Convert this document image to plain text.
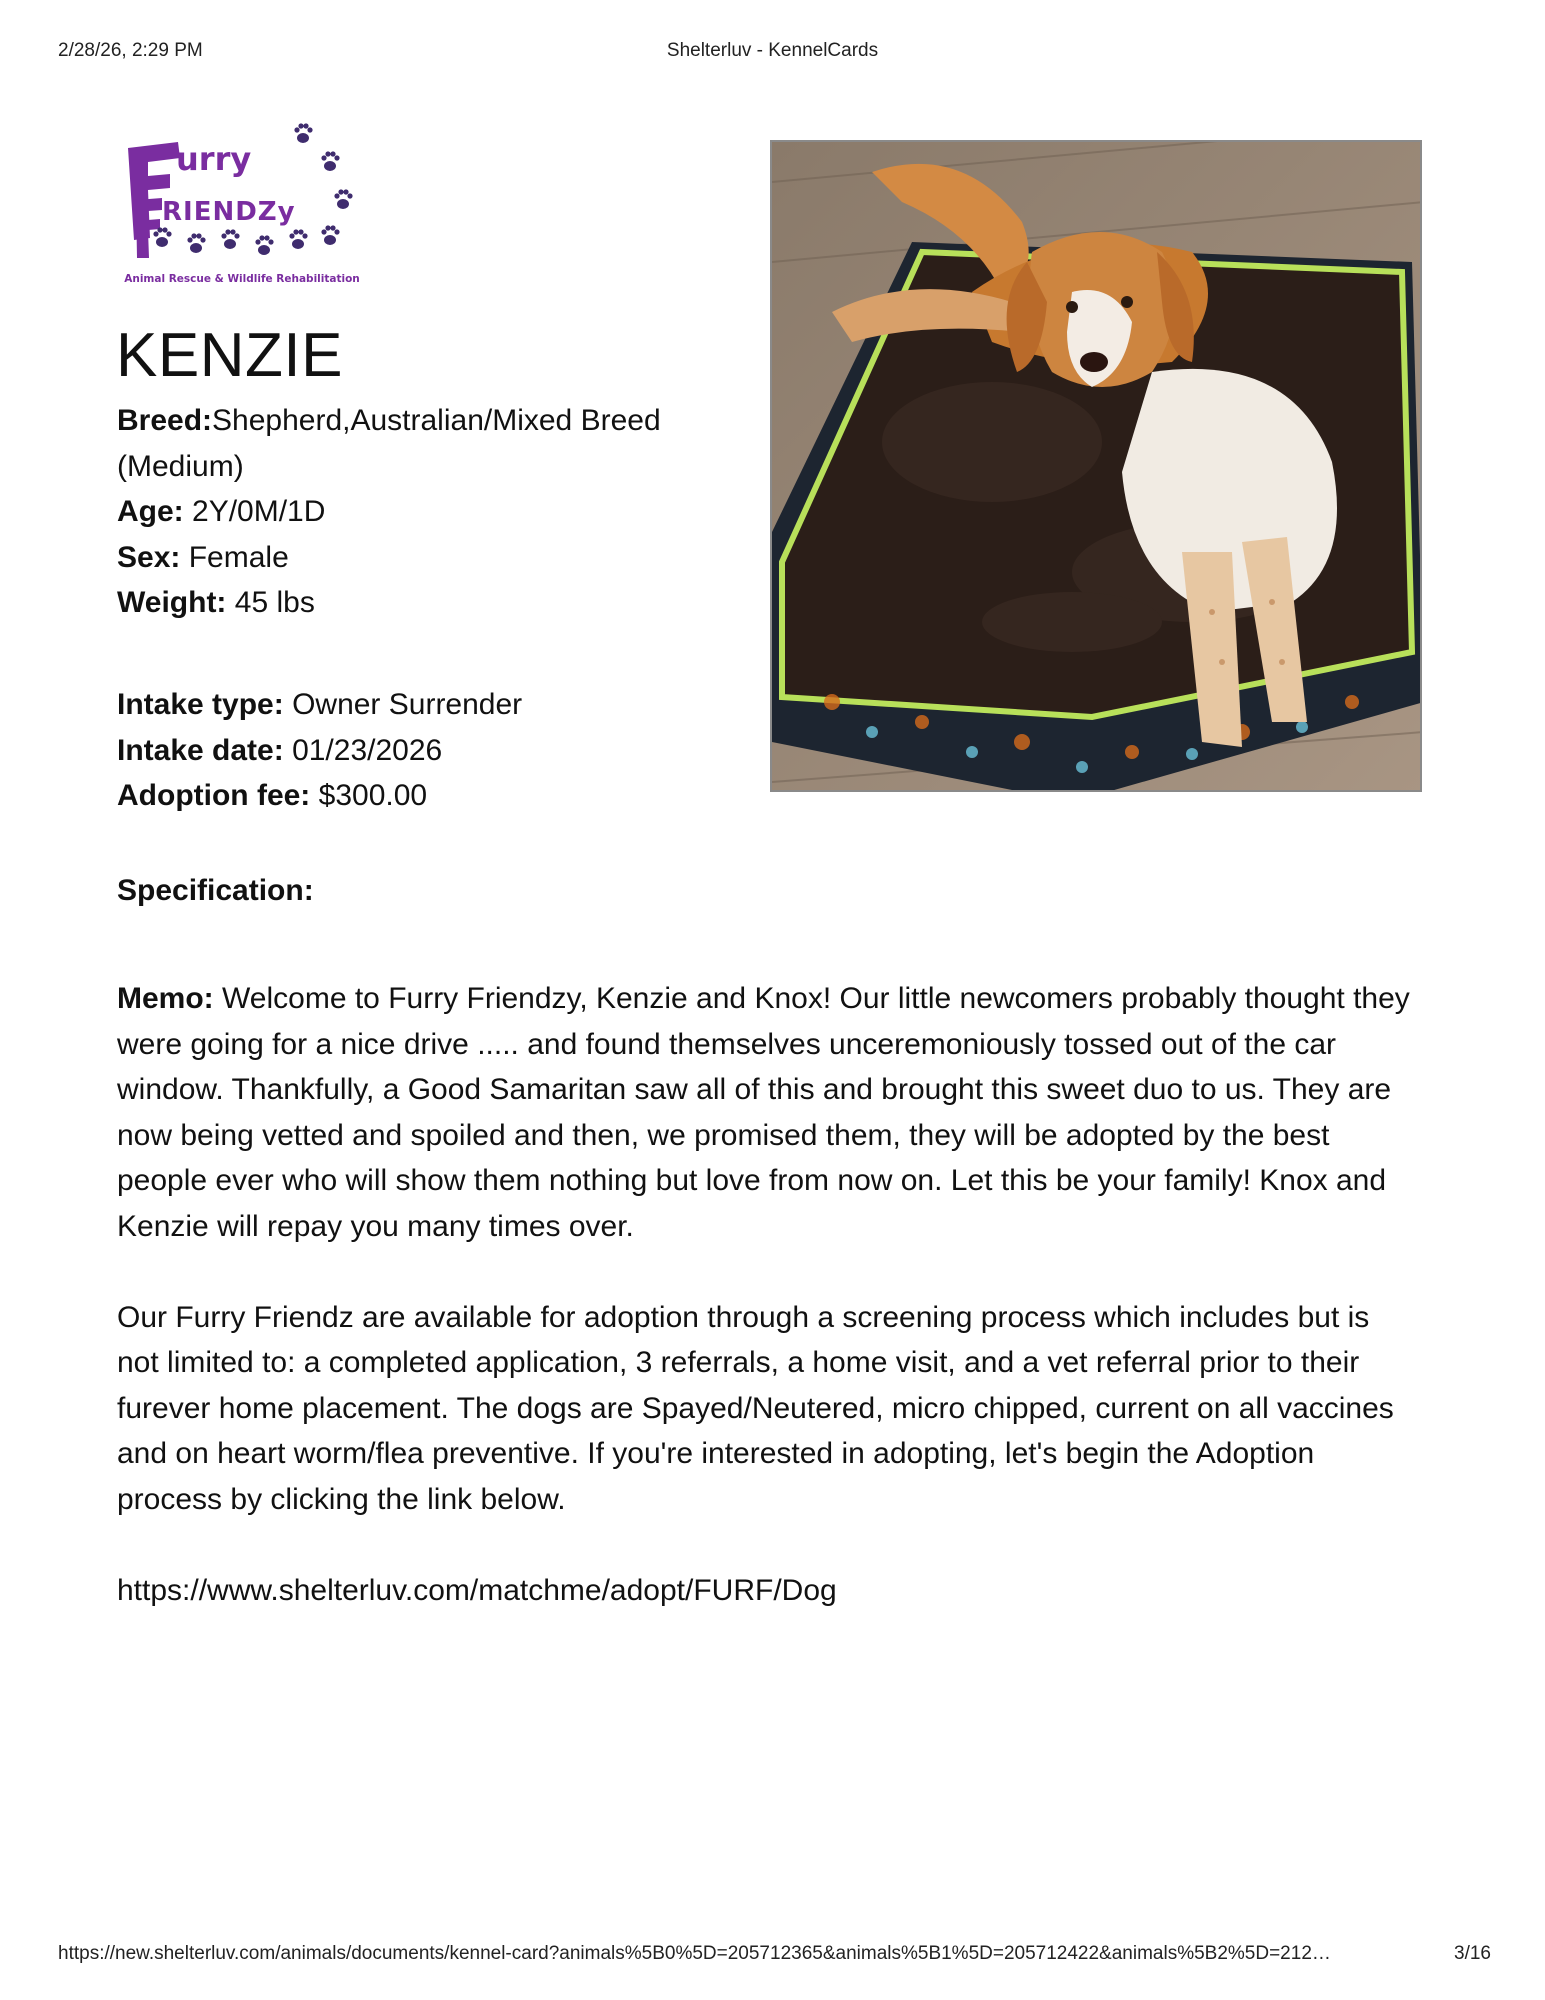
2/28/26, 2:29 PM	Shelterluv - KennelCards
urry
RIENDZy
Animal Rescue & Wildlife Rehabilitation
KENZIE
Breed:Shepherd,Australian/Mixed Breed (Medium)
Age: 2Y/0M/1D
Sex: Female
Weight: 45 lbs
Intake type: Owner Surrender
Intake date: 01/23/2026
Adoption fee: $300.00
Specification:

Memo: Welcome to Furry Friendzy, Kenzie and Knox! Our little newcomers probably thought they were going for a nice drive ..... and found themselves unceremoniously tossed out of the car window. Thankfully, a Good Samaritan saw all of this and brought this sweet duo to us. They are now being vetted and spoiled and then, we promised them, they will be adopted by the best people ever who will show them nothing but love from now on. Let this be your family! Knox and Kenzie will repay you many times over.

Our Furry Friendz are available for adoption through a screening process which includes but is not limited to: a completed application, 3 referrals, a home visit, and a vet referral prior to their furever home placement. The dogs are Spayed/Neutered, micro chipped, current on all vaccines and on heart worm/flea preventive. If you're interested in adopting, let's begin the Adoption process by clicking the link below.

https://www.shelterluv.com/matchme/adopt/FURF/Dog

https://new.shelterluv.com/animals/documents/kennel-card?animals%5B0%5D=205712365&animals%5B1%5D=205712422&animals%5B2%5D=212…	3/16
